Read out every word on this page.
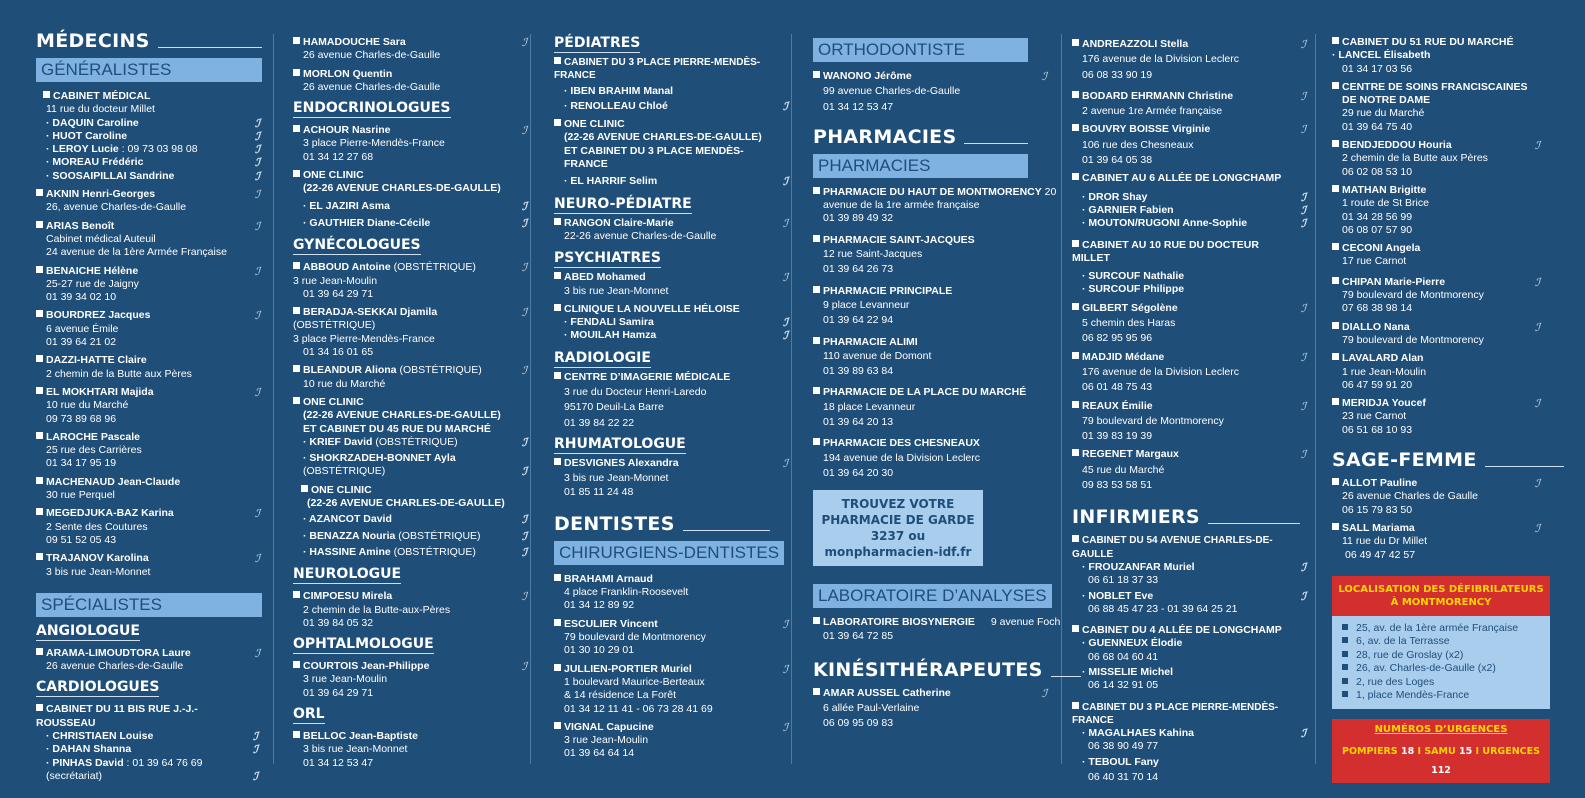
MÉDECINS
GÉNÉRALISTES
CABINET MÉDICAL
11 rue du docteur Millet
· DAQUIN Caroline	ℐ
· HUOT Caroline	ℐ
· LEROY Lucie : 09 73 03 98 08	ℐ
· MOREAU Frédéric	ℐ
· SOOSAIPILLAI Sandrine	ℐ
AKNIN Henri-Georges
26, avenue Charles-de-Gaulle
ℐ
ARIAS Benoît
Cabinet médical Auteuil
24 avenue de la 1ère Armée Française
ℐ
BENAICHE Hélène
25-27 rue de Jaigny
01 39 34 02 10
ℐ
BOURDREZ Jacques
6 avenue Émile
01 39 64 21 02
ℐ
DAZZI-HATTE Claire
2 chemin de la Butte aux Pères
EL MOKHTARI Majida
10 rue du Marché
09 73 89 68 96
ℐ
LAROCHE Pascale
25 rue des Carrières
01 34 17 95 19
MACHENAUD Jean-Claude
30 rue Perquel
MEGEDJUKA-BAZ Karina
2 Sente des Coutures
09 51 52 05 43
ℐ
TRAJANOV Karolina
3 bis rue Jean-Monnet
ℐ
SPÉCIALISTES
ANGIOLOGUE
ARAMA-LIMOUDTORA Laure
26 avenue Charles-de-Gaulle
ℐ
CARDIOLOGUES
CABINET DU 11 BIS RUE J.-J.-ROUSSEAU
· CHRISTIAEN Louise	ℐ
· DAHAN Shanna	ℐ
· PINHAS David : 01 39 64 76 69 (secrétariat)	ℐ
HAMADOUCHE Sara
26 avenue Charles-de-Gaulle
ℐ
MORLON Quentin
26 avenue Charles-de-Gaulle
ENDOCRINOLOGUES
ACHOUR Nasrine
3 place Pierre-Mendès-France
01 34 12 27 68
ℐ
ONE CLINIC
(22-26 AVENUE CHARLES-DE-GAULLE)
· EL JAZIRI Asma	ℐ
· GAUTHIER Diane-Cécile	ℐ
GYNÉCOLOGUES
ABBOUD Antoine (OBSTÉTRIQUE)
3 rue Jean-Moulin
01 39 64 29 71
ℐ
BERADJA-SEKKAI Djamila (OBSTÉTRIQUE)
3 place Pierre-Mendès-France
01 34 16 01 65
ℐ
BLEANDUR Aliona (OBSTÉTRIQUE)
10 rue du Marché
ℐ
ONE CLINIC
(22-26 AVENUE CHARLES-DE-GAULLE)
ET CABINET DU 45 RUE DU MARCHÉ
· KRIEF David (OBSTÉTRIQUE)	ℐ
· SHOKRZADEH-BONNET Ayla (OBSTÉTRIQUE)	ℐ
ONE CLINIC
(22-26 AVENUE CHARLES-DE-GAULLE)
· AZANCOT David	ℐ
· BENAZZA Nouria (OBSTÉTRIQUE)	ℐ
· HASSINE Amine (OBSTÉTRIQUE)	ℐ
NEUROLOGUE
CIMPOESU Mirela
2 chemin de la Butte-aux-Pères
01 39 84 05 32
ℐ
OPHTALMOLOGUE
COURTOIS Jean-Philippe
3 rue Jean-Moulin
01 39 64 29 71
ℐ
ORL
BELLOC Jean-Baptiste
3 bis rue Jean-Monnet
01 34 12 53 47
PÉDIATRES
CABINET DU 3 PLACE PIERRE-MENDÈS-FRANCE
· IBEN BRAHIM Manal
· RENOLLEAU Chloé	ℐ
ONE CLINIC
(22-26 AVENUE CHARLES-DE-GAULLE)
ET CABINET DU 3 PLACE MENDÈS-FRANCE
· EL HARRIF Selim	ℐ
NEURO-PÉDIATRE
RANGON Claire-Marie
22-26 avenue Charles-de-Gaulle
ℐ
PSYCHIATRES
ABED Mohamed
3 bis rue Jean-Monnet
ℐ
CLINIQUE LA NOUVELLE HÉLOISE
· FENDALI Samira	ℐ
· MOUILAH Hamza	ℐ
RADIOLOGIE
CENTRE D’IMAGERIE MÉDICALE
3 rue du Docteur Henri-Laredo
95170 Deuil-La Barre
01 39 84 22 22
RHUMATOLOGUE
DESVIGNES Alexandra
3 bis rue Jean-Monnet
01 85 11 24 48
ℐ
DENTISTES
CHIRURGIENS-DENTISTES
BRAHAMI Arnaud
4 place Franklin-Roosevelt
01 34 12 89 92
ESCULIER Vincent
79 boulevard de Montmorency
01 30 10 29 01
ℐ
JULLIEN-PORTIER Muriel
1 boulevard Maurice-Berteaux
& 14 résidence La Forêt
01 34 12 11 41 - 06 73 28 41 69
ℐ
VIGNAL Capucine
3 rue Jean-Moulin
01 39 64 64 14
ℐ
ORTHODONTISTE
WANONO Jérôme
99 avenue Charles-de-Gaulle
01 34 12 53 47
ℐ
PHARMACIES
PHARMACIES
PHARMACIE DU HAUT DE MONTMORENCY 20
avenue de la 1re armée française
01 39 89 49 32
PHARMACIE SAINT-JACQUES
12 rue Saint-Jacques
01 39 64 26 73
PHARMACIE PRINCIPALE
9 place Levanneur
01 39 64 22 94
PHARMACIE ALIMI
110 avenue de Domont
01 39 89 63 84
PHARMACIE DE LA PLACE DU MARCHÉ
18 place Levanneur
01 39 64 20 13
PHARMACIE DES CHESNEAUX
194 avenue de la Division Leclerc
01 39 64 20 30
TROUVEZ VOTRE
PHARMACIE DE GARDE
3237 ou
monpharmacien-idf.fr
LABORATOIRE D’ANALYSES
LABORATOIRE BIOSYNERGIE 9 avenue Foch
01 39 64 72 85
KINÉSITHÉRAPEUTES
AMAR AUSSEL Catherine
6 allée Paul-Verlaine
06 09 95 09 83
ℐ
ANDREAZZOLI Stella
176 avenue de la Division Leclerc
06 08 33 90 19
ℐ
BODARD EHRMANN Christine
2 avenue 1re Armée française
ℐ
BOUVRY BOISSE Virginie
106 rue des Chesneaux
01 39 64 05 38
ℐ
CABINET AU 6 ALLÉE DE LONGCHAMP
· DROR Shay	ℐ
· GARNIER Fabien	ℐ
· MOUTON/RUGONI Anne-Sophie	ℐ
CABINET AU 10 RUE DU DOCTEUR MILLET
· SURCOUF Nathalie
· SURCOUF Philippe
GILBERT Ségolène
5 chemin des Haras
06 82 95 95 96
ℐ
MADJID Médane
176 avenue de la Division Leclerc
06 01 48 75 43
ℐ
REAUX Émilie
79 boulevard de Montmorency
01 39 83 19 39
ℐ
REGENET Margaux
45 rue du Marché
09 83 53 58 51
ℐ
INFIRMIERS
CABINET DU 54 AVENUE CHARLES-DE-GAULLE
· FROUZANFAR Muriel	ℐ
06 61 18 37 33
· NOBLET Eve	ℐ
06 88 45 47 23 - 01 39 64 25 21
CABINET DU 4 ALLÉE DE LONGCHAMP
· GUENNEUX Élodie
06 68 04 60 41
· MISSELIE Michel
06 14 32 91 05
CABINET DU 3 PLACE PIERRE-MENDÈS-FRANCE
· MAGALHAES Kahina	ℐ
06 38 90 49 77
· TEBOUL Fany
06 40 31 70 14
CABINET DU 51 RUE DU MARCHÉ
· LANCEL Élisabeth
01 34 17 03 56
CENTRE DE SOINS FRANCISCAINES
DE NOTRE DAME
29 rue du Marché
01 39 64 75 40
BENDJEDDOU Houria
2 chemin de la Butte aux Pères
06 02 08 53 10
ℐ
MATHAN Brigitte
1 route de St Brice
01 34 28 56 99
06 08 07 57 90
CECONI Angela
17 rue Carnot
CHIPAN Marie-Pierre
79 boulevard de Montmorency
07 68 38 98 14
ℐ
DIALLO Nana
79 boulevard de Montmorency
ℐ
LAVALARD Alan
1 rue Jean-Moulin
06 47 59 91 20
MERIDJA Youcef
23 rue Carnot
06 51 68 10 93
ℐ
SAGE-FEMME
ALLOT Pauline
26 avenue Charles de Gaulle
06 15 79 83 50
ℐ
SALL Mariama
11 rue du Dr Millet
06 49 47 42 57
ℐ
LOCALISATION DES DÉFIBRILATEURS
À MONTMORENCY
25, av. de la 1ère armée Française
6, av. de la Terrasse
28, rue de Groslay (x2)
26, av. Charles-de-Gaulle (x2)
2, rue des Loges
1, place Mendès-France
NUMÉROS D’URGENCES
POMPIERS 18 I SAMU 15 I URGENCES 112
